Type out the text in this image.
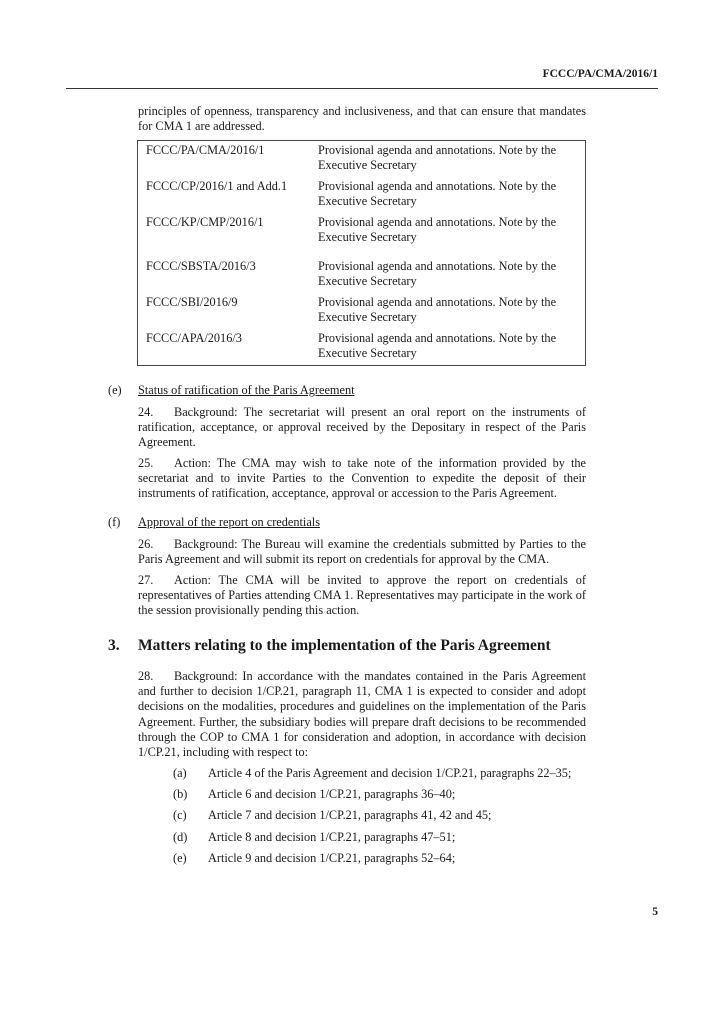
FCCC/PA/CMA/2016/1
principles of openness, transparency and inclusiveness, and that can ensure that mandates for CMA 1 are addressed.
FCCC/PA/CMA/2016/1	Provisional agenda and annotations. Note by the Executive Secretary
FCCC/CP/2016/1 and Add.1	Provisional agenda and annotations. Note by the Executive Secretary
FCCC/KP/CMP/2016/1	Provisional agenda and annotations. Note by the Executive Secretary
FCCC/SBSTA/2016/3	Provisional agenda and annotations. Note by the Executive Secretary
FCCC/SBI/2016/9	Provisional agenda and annotations. Note by the Executive Secretary
FCCC/APA/2016/3	Provisional agenda and annotations. Note by the Executive Secretary
(e) Status of ratification of the Paris Agreement
24. Background: The secretariat will present an oral report on the instruments of ratification, acceptance, or approval received by the Depositary in respect of the Paris Agreement.
25. Action: The CMA may wish to take note of the information provided by the secretariat and to invite Parties to the Convention to expedite the deposit of their instruments of ratification, acceptance, approval or accession to the Paris Agreement.
(f) Approval of the report on credentials
26. Background: The Bureau will examine the credentials submitted by Parties to the Paris Agreement and will submit its report on credentials for approval by the CMA.
27. Action: The CMA will be invited to approve the report on credentials of representatives of Parties attending CMA 1. Representatives may participate in the work of the session provisionally pending this action.
3. Matters relating to the implementation of the Paris Agreement
28. Background: In accordance with the mandates contained in the Paris Agreement and further to decision 1/CP.21, paragraph 11, CMA 1 is expected to consider and adopt decisions on the modalities, procedures and guidelines on the implementation of the Paris Agreement. Further, the subsidiary bodies will prepare draft decisions to be recommended through the COP to CMA 1 for consideration and adoption, in accordance with decision 1/CP.21, including with respect to:
(a) Article 4 of the Paris Agreement and decision 1/CP.21, paragraphs 22–35;
(b) Article 6 and decision 1/CP.21, paragraphs 36–40;
(c) Article 7 and decision 1/CP.21, paragraphs 41, 42 and 45;
(d) Article 8 and decision 1/CP.21, paragraphs 47–51;
(e) Article 9 and decision 1/CP.21, paragraphs 52–64;
5
